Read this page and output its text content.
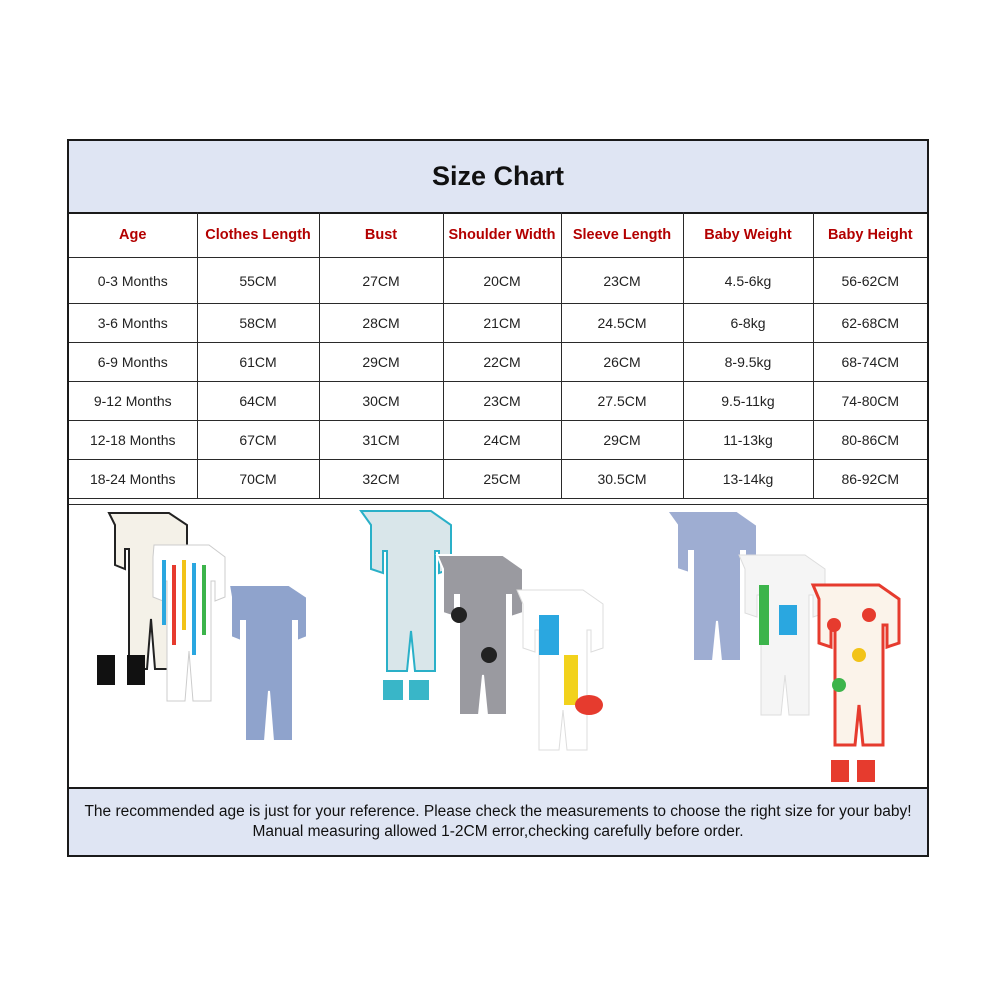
Size Chart
Age	Clothes Length	Bust	Shoulder Width	Sleeve Length	Baby Weight	Baby Height
0-3 Months	55CM	27CM	20CM	23CM	4.5-6kg	56-62CM
3-6 Months	58CM	28CM	21CM	24.5CM	6-8kg	62-68CM
6-9 Months	61CM	29CM	22CM	26CM	8-9.5kg	68-74CM
9-12 Months	64CM	30CM	23CM	27.5CM	9.5-11kg	74-80CM
12-18 Months	67CM	31CM	24CM	29CM	11-13kg	80-86CM
18-24 Months	70CM	32CM	25CM	30.5CM	13-14kg	86-92CM
The recommended age is just for your reference. Please check the measurements to choose the right size for your baby!
Manual measuring allowed 1-2CM error,checking carefully before order.
